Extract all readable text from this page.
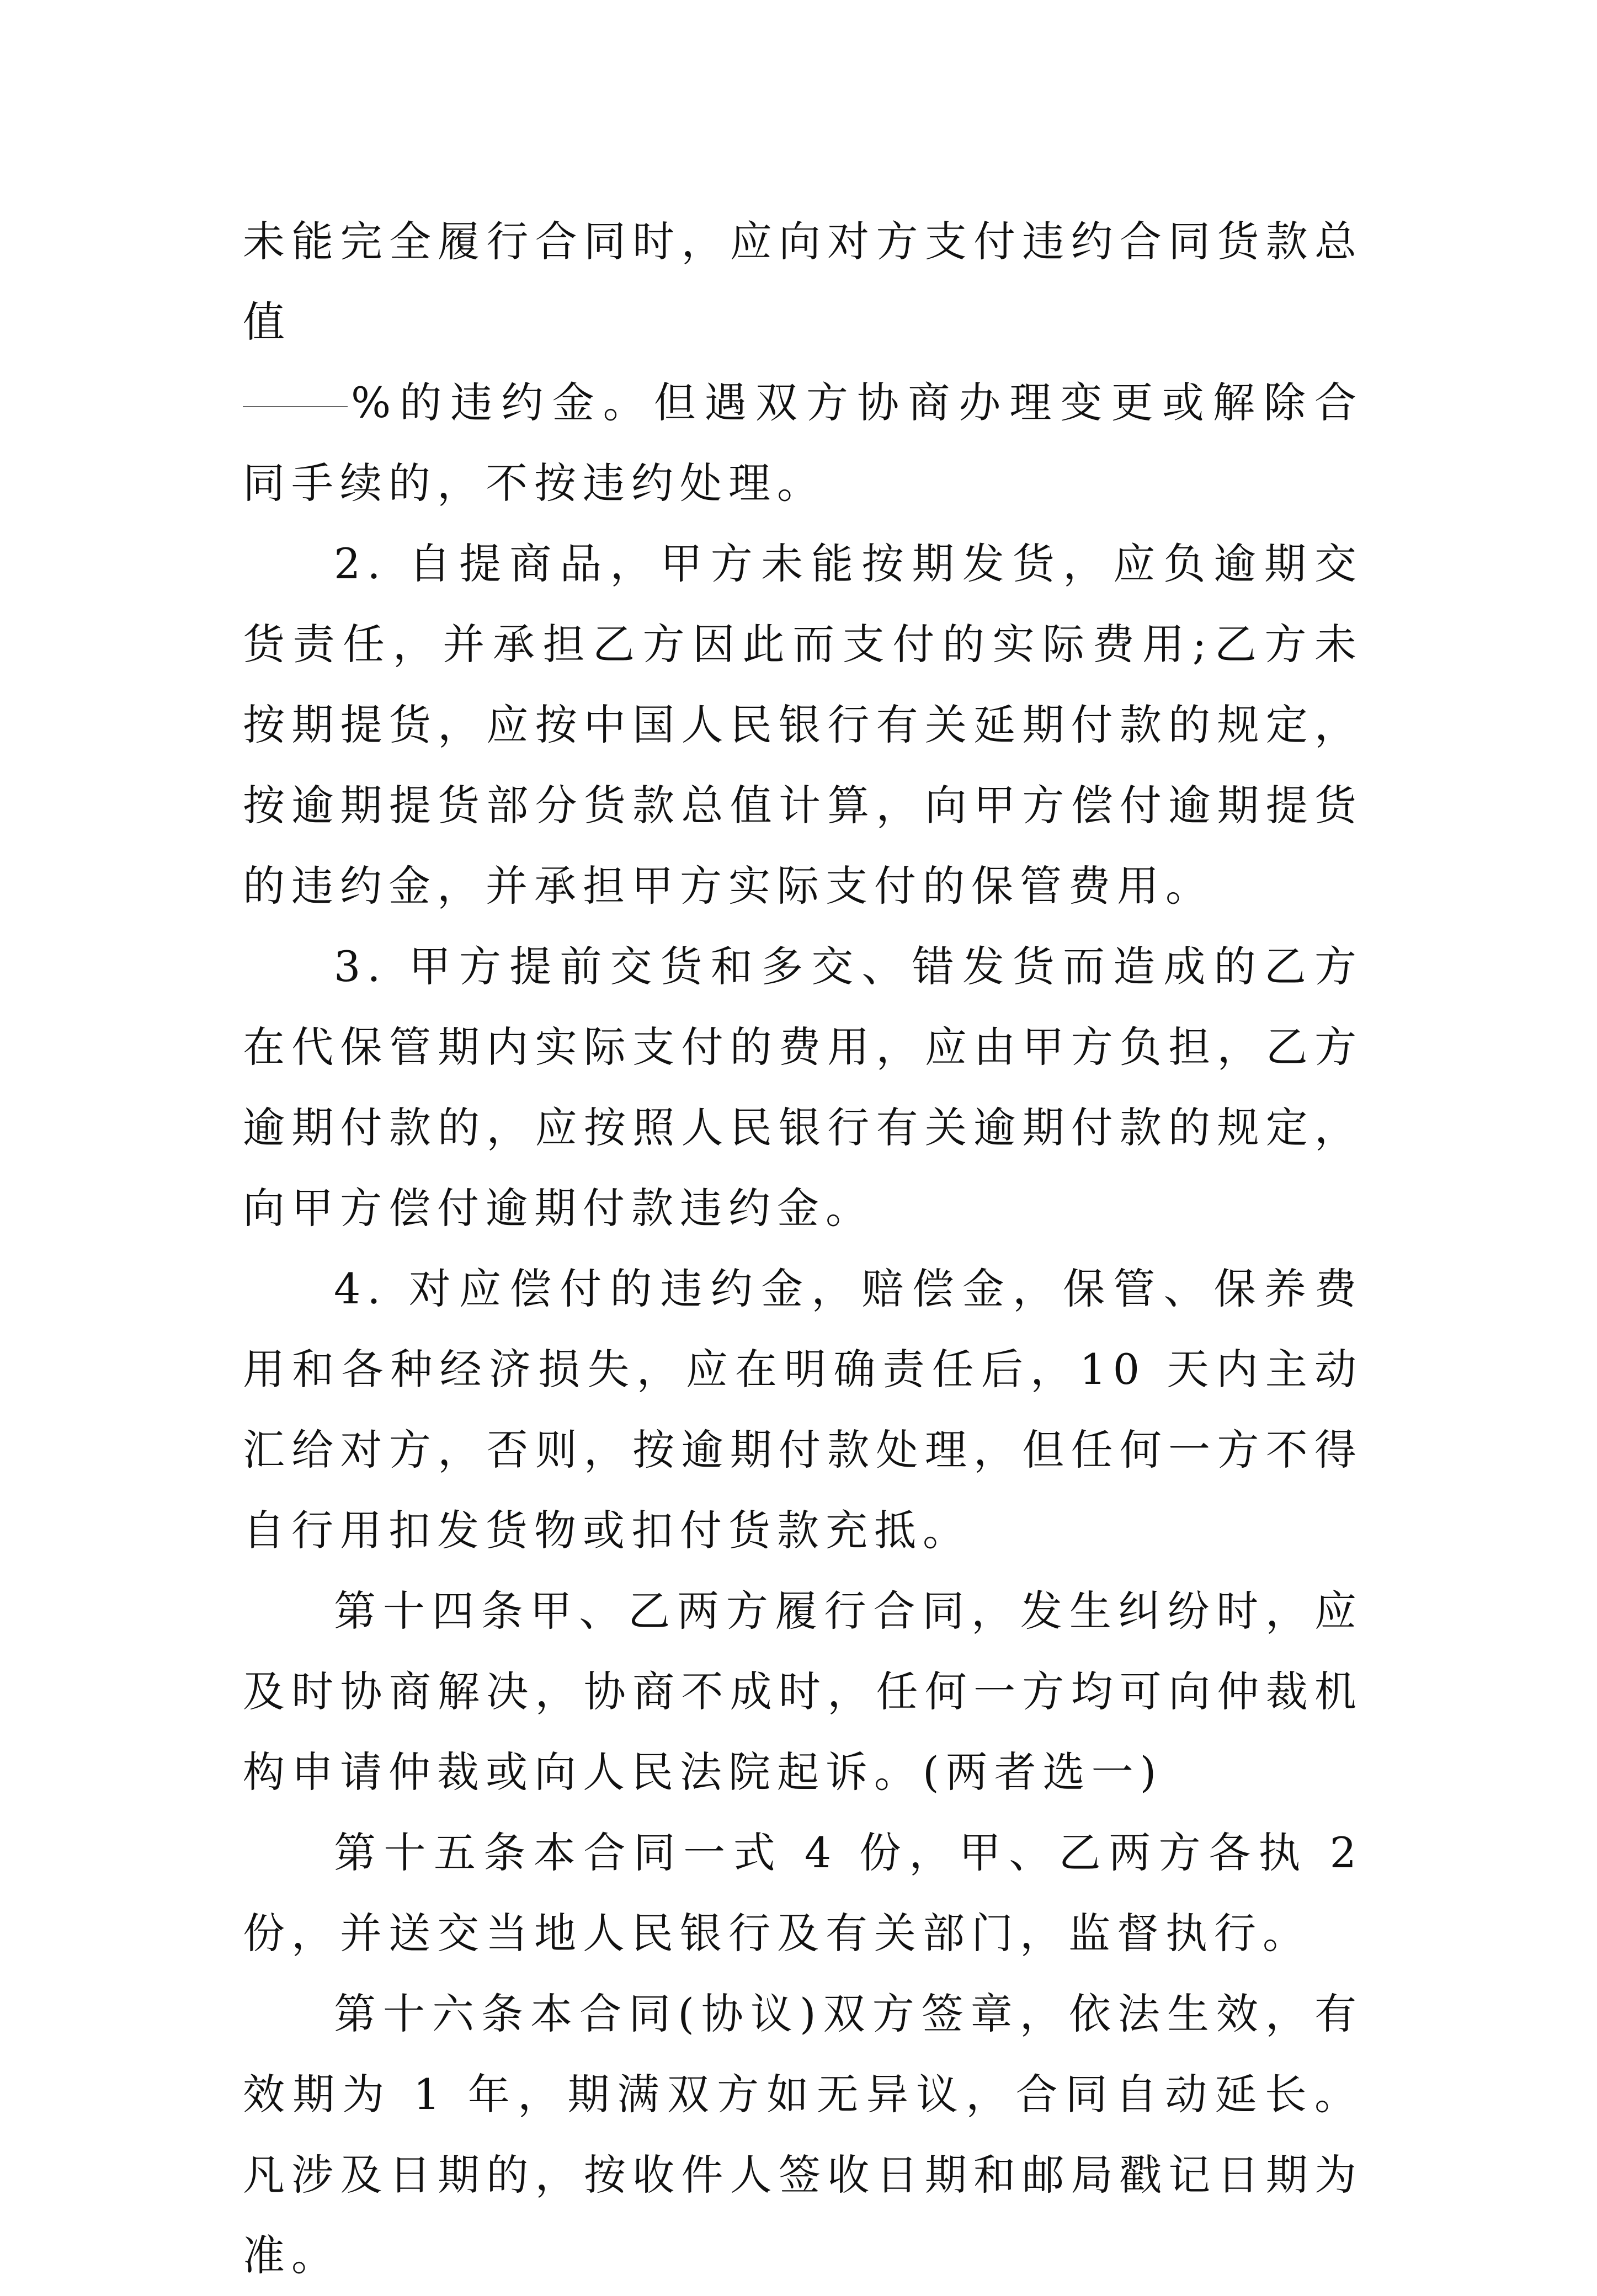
未能完全履行合同时，应向对方支付违约合同货款总值
%的违约金。但遇双方协商办理变更或解除合同手续的，不按违约处理。

2. 自提商品，甲方未能按期发货，应负逾期交货责任，并承担乙方因此而支付的实际费用;乙方未按期提货，应按中国人民银行有关延期付款的规定，按逾期提货部分货款总值计算，向甲方偿付逾期提货的违约金，并承担甲方实际支付的保管费用。

3. 甲方提前交货和多交、错发货而造成的乙方在代保管期内实际支付的费用，应由甲方负担，乙方逾期付款的，应按照人民银行有关逾期付款的规定，向甲方偿付逾期付款违约金。

4. 对应偿付的违约金，赔偿金，保管、保养费用和各种经济损失，应在明确责任后，10 天内主动汇给对方，否则，按逾期付款处理，但任何一方不得自行用扣发货物或扣付货款充抵。

第十四条甲、乙两方履行合同，发生纠纷时，应及时协商解决，协商不成时，任何一方均可向仲裁机构申请仲裁或向人民法院起诉。(两者选一)

第十五条本合同一式 4 份，甲、乙两方各执 2 份，并送交当地人民银行及有关部门，监督执行。

第十六条本合同(协议)双方签章，依法生效，有效期为 1 年，期满双方如无异议，合同自动延长。凡涉及日期的，按收件人签收日期和邮局戳记日期为准。
